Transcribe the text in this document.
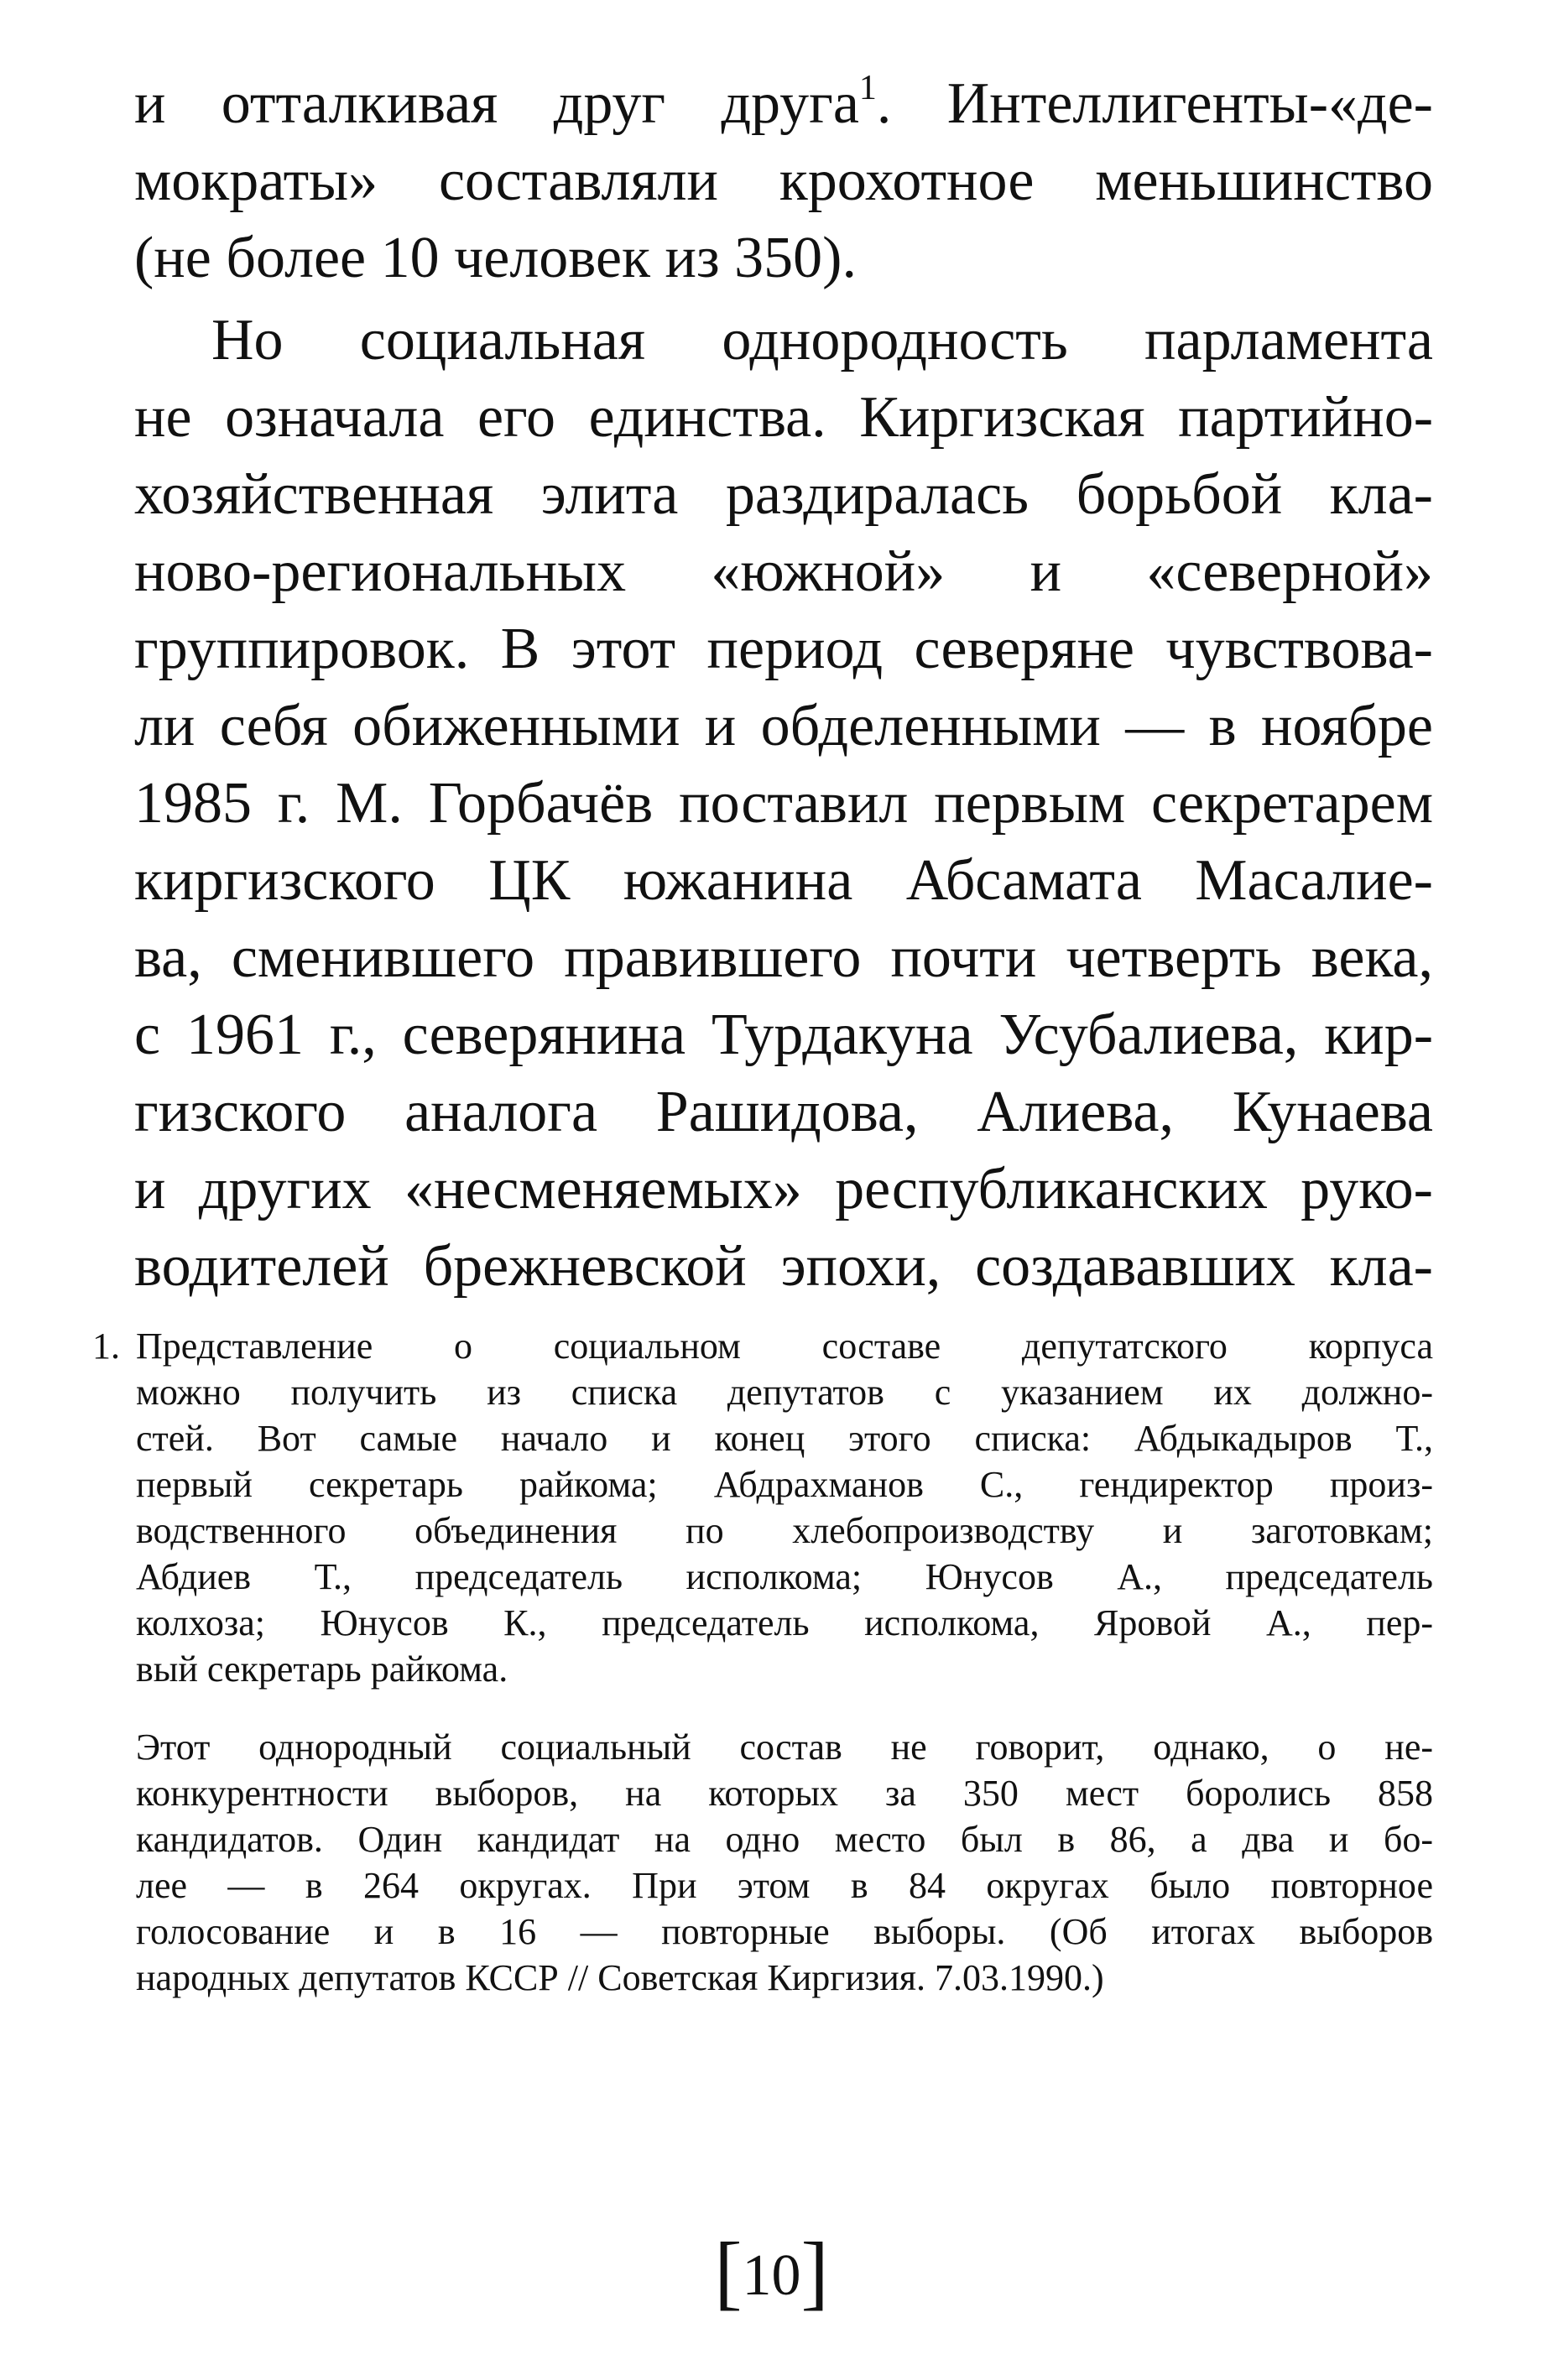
и отталкивая друг друга$^1$. Интеллигенты-«де-
мократы» составляли крохотное меньшинство
(не более 10 человек из 350).
Но социальная однородность парламента
не означала его единства. Киргизская партийно-
хозяйственная элита раздиралась борьбой кла-
ново-региональных «южной» и «северной»
группировок. В этот период северяне чувствова-
ли себя обиженными и обделенными — в ноябре
1985 г. М. Горбачёв поставил первым секретарем
киргизского ЦК южанина Абсамата Масалие-
ва, сменившего правившего почти четверть века,
с 1961 г., северянина Турдакуна Усубалиева, кир-
гизского аналога Рашидова, Алиева, Кунаева
и других «несменяемых» республиканских руко-
водителей брежневской эпохи, создававших кла-
1. Представление о социальном составе депутатского корпуса
можно получить из списка депутатов с указанием их должно-
стей. Вот самые начало и конец этого списка: Абдыкадыров Т.,
первый секретарь райкома; Абдрахманов С., гендиректор произ-
водственного объединения по хлебопроизводству и заготовкам;
Абдиев Т., председатель исполкома; Юнусов А., председатель
колхоза; Юнусов К., председатель исполкома, Яровой А., пер-
вый секретарь райкома.
Этот однородный социальный состав не говорит, однако, о не-
конкурентности выборов, на которых за 350 мест боролись 858
кандидатов. Один кандидат на одно место был в 86, а два и бо-
лее — в 264 округах. При этом в 84 округах было повторное
голосование и в 16 — повторные выборы. (Об итогах выборов
народных депутатов КССР // Советская Киргизия. 7.03.1990.)
[10]
